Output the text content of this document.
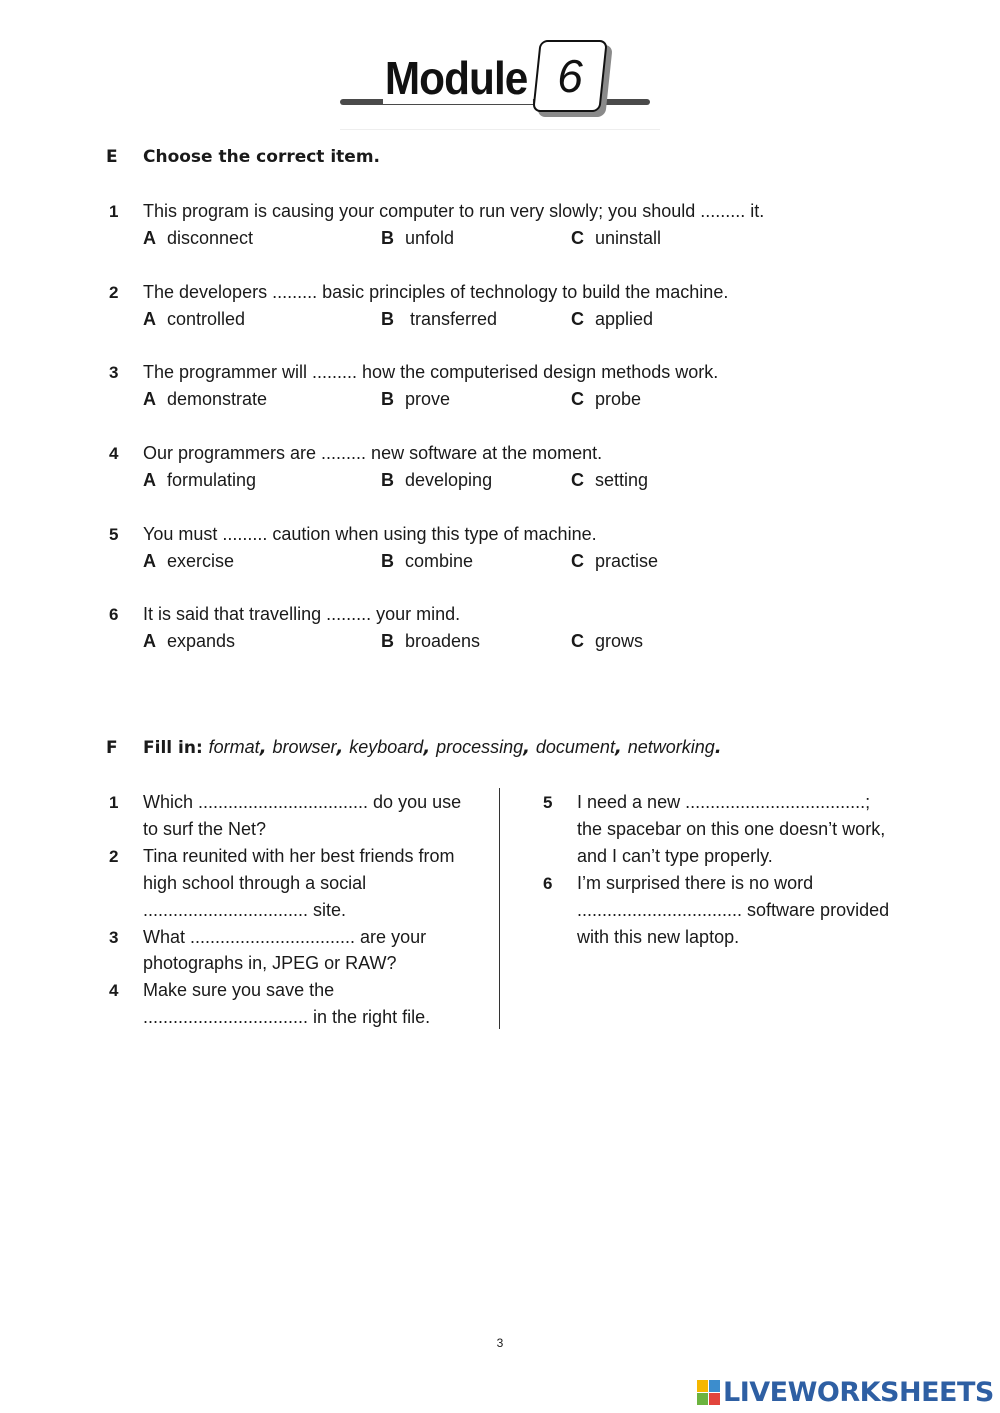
Module 6
E Choose the correct item.
1 This program is causing your computer to run very slowly; you should ......... it.
A disconnect	B unfold	C uninstall
2 The developers ......... basic principles of technology to build the machine.
A controlled	B transferred	C applied
3 The programmer will ......... how the computerised design methods work.
A demonstrate	B prove	C probe
4 Our programmers are ......... new software at the moment.
A formulating	B developing	C setting
5 You must ......... caution when using this type of machine.
A exercise	B combine	C practise
6 It is said that travelling ......... your mind.
A expands	B broadens	C grows
F Fill in: format, browser, keyboard, processing, document, networking.
1 Which .................................. do you use
to surf the Net?
2 Tina reunited with her best friends from
high school through a social
................................. site.
3 What ................................. are your
photographs in, JPEG or RAW?
4 Make sure you save the
................................. in the right file.
5 I need a new ....................................;
the spacebar on this one doesn’t work,
and I can’t type properly.
6 I’m surprised there is no word
................................. software provided
with this new laptop.
3
LIVEWORKSHEETS
